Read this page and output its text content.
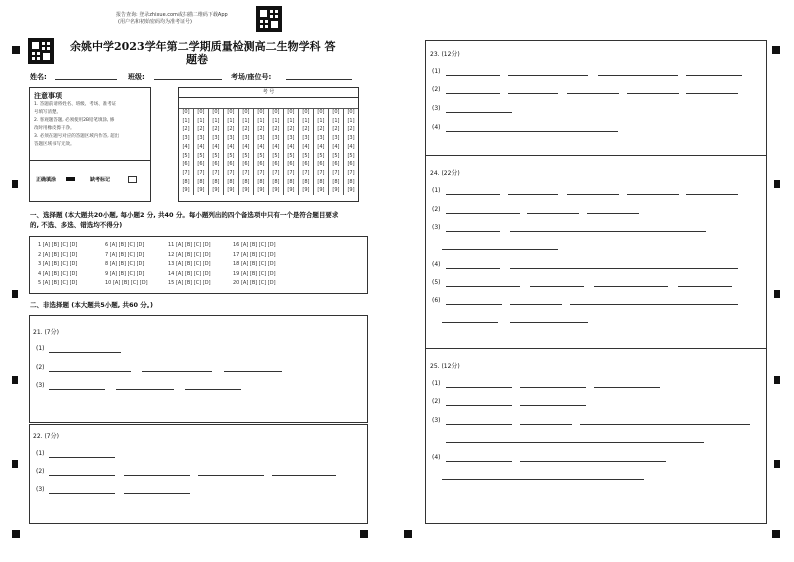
报告查询: 登录zhixue.com或扫描二维码下载App
(用户名和初始密码均为准考证号)
余姚中学2023学年第二学期质量检测高二生物学科 答
题卷
姓名:	班级:	考场/座位号:
注意事项
1. 答题前请将姓名、班级、考场、准考证
号填写清楚。
2. 客观题答题, 必须使用2B铅笔填涂, 修
改时用橡皮擦干净。
3. 必须在题号对应的答题区域内作答, 超出
答题区域书写无效。
正确填涂	缺考标记
考 号
[0]	[0]	[0]	[0]	[0]	[0]	[0]	[0]	[0]	[0]	[0]	[0]
[1]	[1]	[1]	[1]	[1]	[1]	[1]	[1]	[1]	[1]	[1]	[1]
[2]	[2]	[2]	[2]	[2]	[2]	[2]	[2]	[2]	[2]	[2]	[2]
[3]	[3]	[3]	[3]	[3]	[3]	[3]	[3]	[3]	[3]	[3]	[3]
[4]	[4]	[4]	[4]	[4]	[4]	[4]	[4]	[4]	[4]	[4]	[4]
[5]	[5]	[5]	[5]	[5]	[5]	[5]	[5]	[5]	[5]	[5]	[5]
[6]	[6]	[6]	[6]	[6]	[6]	[6]	[6]	[6]	[6]	[6]	[6]
[7]	[7]	[7]	[7]	[7]	[7]	[7]	[7]	[7]	[7]	[7]	[7]
[8]	[8]	[8]	[8]	[8]	[8]	[8]	[8]	[8]	[8]	[8]	[8]
[9]	[9]	[9]	[9]	[9]	[9]	[9]	[9]	[9]	[9]	[9]	[9]
一、选择题 (本大题共20小题, 每小题2 分, 共40 分。每小题列出的四个备选项中只有一个是符合题目要求
的, 不选、多选、错选均不得分)
1 [A] [B] [C] [D]	6 [A] [B] [C] [D]	11 [A] [B] [C] [D]	16 [A] [B] [C] [D]
2 [A] [B] [C] [D]	7 [A] [B] [C] [D]	12 [A] [B] [C] [D]	17 [A] [B] [C] [D]
3 [A] [B] [C] [D]	8 [A] [B] [C] [D]	13 [A] [B] [C] [D]	18 [A] [B] [C] [D]
4 [A] [B] [C] [D]	9 [A] [B] [C] [D]	14 [A] [B] [C] [D]	19 [A] [B] [C] [D]
5 [A] [B] [C] [D]	10 [A] [B] [C] [D]	15 [A] [B] [C] [D]	20 [A] [B] [C] [D]
二、非选择题 (本大题共5小题, 共60 分。)
21. (7分)
(1)
(2)
(3)
22. (7分)
(1)
(2)
(3)
23. (12分)
(1)
(2)
(3)
(4)
24. (22分)
(1)
(2)
(3)
(4)
(5)
(6)
25. (12分)
(1)
(2)
(3)
(4)
